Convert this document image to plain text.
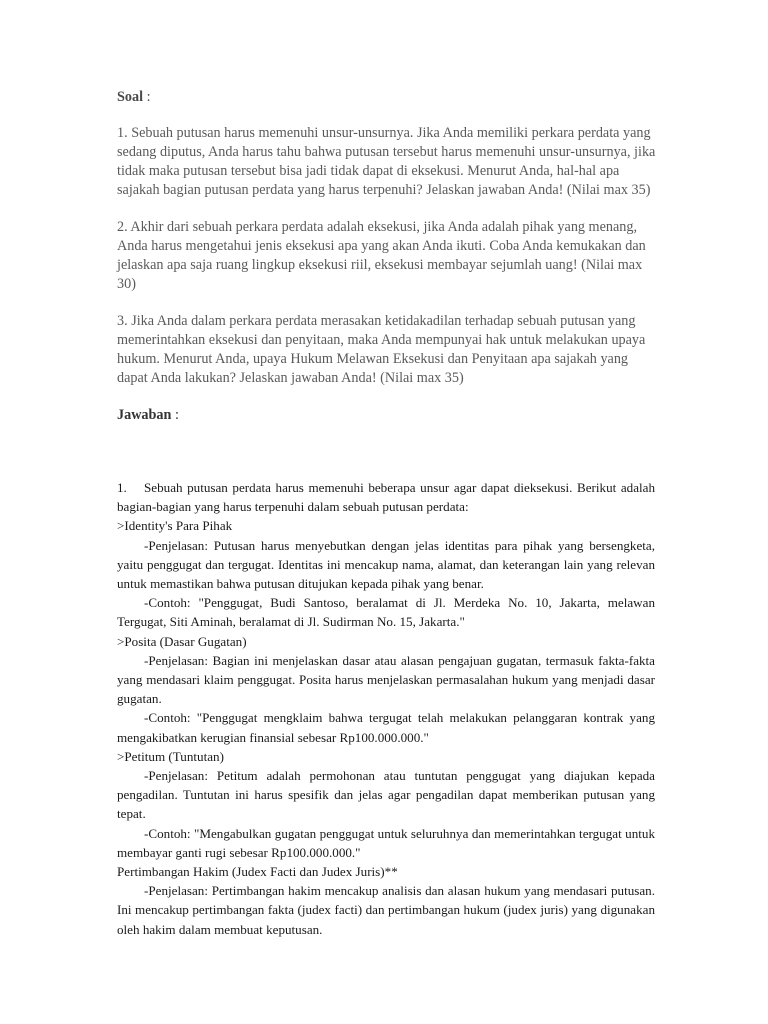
Soal :

1. Sebuah putusan harus memenuhi unsur-unsurnya. Jika Anda memiliki perkara perdata yang sedang diputus, Anda harus tahu bahwa putusan tersebut harus memenuhi unsur-unsurnya, jika tidak maka putusan tersebut bisa jadi tidak dapat di eksekusi. Menurut Anda, hal-hal apa sajakah bagian putusan perdata yang harus terpenuhi? Jelaskan jawaban Anda! (Nilai max 35)

2. Akhir dari sebuah perkara perdata adalah eksekusi, jika Anda adalah pihak yang menang, Anda harus mengetahui jenis eksekusi apa yang akan Anda ikuti. Coba Anda kemukakan dan jelaskan apa saja ruang lingkup eksekusi riil, eksekusi membayar sejumlah uang! (Nilai max 30)

3. Jika Anda dalam perkara perdata merasakan ketidakadilan terhadap sebuah putusan yang memerintahkan eksekusi dan penyitaan, maka Anda mempunyai hak untuk melakukan upaya hukum. Menurut Anda, upaya Hukum Melawan Eksekusi dan Penyitaan apa sajakah yang dapat Anda lakukan? Jelaskan jawaban Anda! (Nilai max 35)

Jawaban :

1. Sebuah putusan perdata harus memenuhi beberapa unsur agar dapat dieksekusi. Berikut adalah bagian-bagian yang harus terpenuhi dalam sebuah putusan perdata:

>Identity's Para Pihak

-Penjelasan: Putusan harus menyebutkan dengan jelas identitas para pihak yang bersengketa, yaitu penggugat dan tergugat. Identitas ini mencakup nama, alamat, dan keterangan lain yang relevan untuk memastikan bahwa putusan ditujukan kepada pihak yang benar.

-Contoh: "Penggugat, Budi Santoso, beralamat di Jl. Merdeka No. 10, Jakarta, melawan Tergugat, Siti Aminah, beralamat di Jl. Sudirman No. 15, Jakarta."

>Posita (Dasar Gugatan)

-Penjelasan: Bagian ini menjelaskan dasar atau alasan pengajuan gugatan, termasuk fakta-fakta yang mendasari klaim penggugat. Posita harus menjelaskan permasalahan hukum yang menjadi dasar gugatan.

-Contoh: "Penggugat mengklaim bahwa tergugat telah melakukan pelanggaran kontrak yang mengakibatkan kerugian finansial sebesar Rp100.000.000."

>Petitum (Tuntutan)

-Penjelasan: Petitum adalah permohonan atau tuntutan penggugat yang diajukan kepada pengadilan. Tuntutan ini harus spesifik dan jelas agar pengadilan dapat memberikan putusan yang tepat.

-Contoh: "Mengabulkan gugatan penggugat untuk seluruhnya dan memerintahkan tergugat untuk membayar ganti rugi sebesar Rp100.000.000."

Pertimbangan Hakim (Judex Facti dan Judex Juris)**

-Penjelasan: Pertimbangan hakim mencakup analisis dan alasan hukum yang mendasari putusan. Ini mencakup pertimbangan fakta (judex facti) dan pertimbangan hukum (judex juris) yang digunakan oleh hakim dalam membuat keputusan.
